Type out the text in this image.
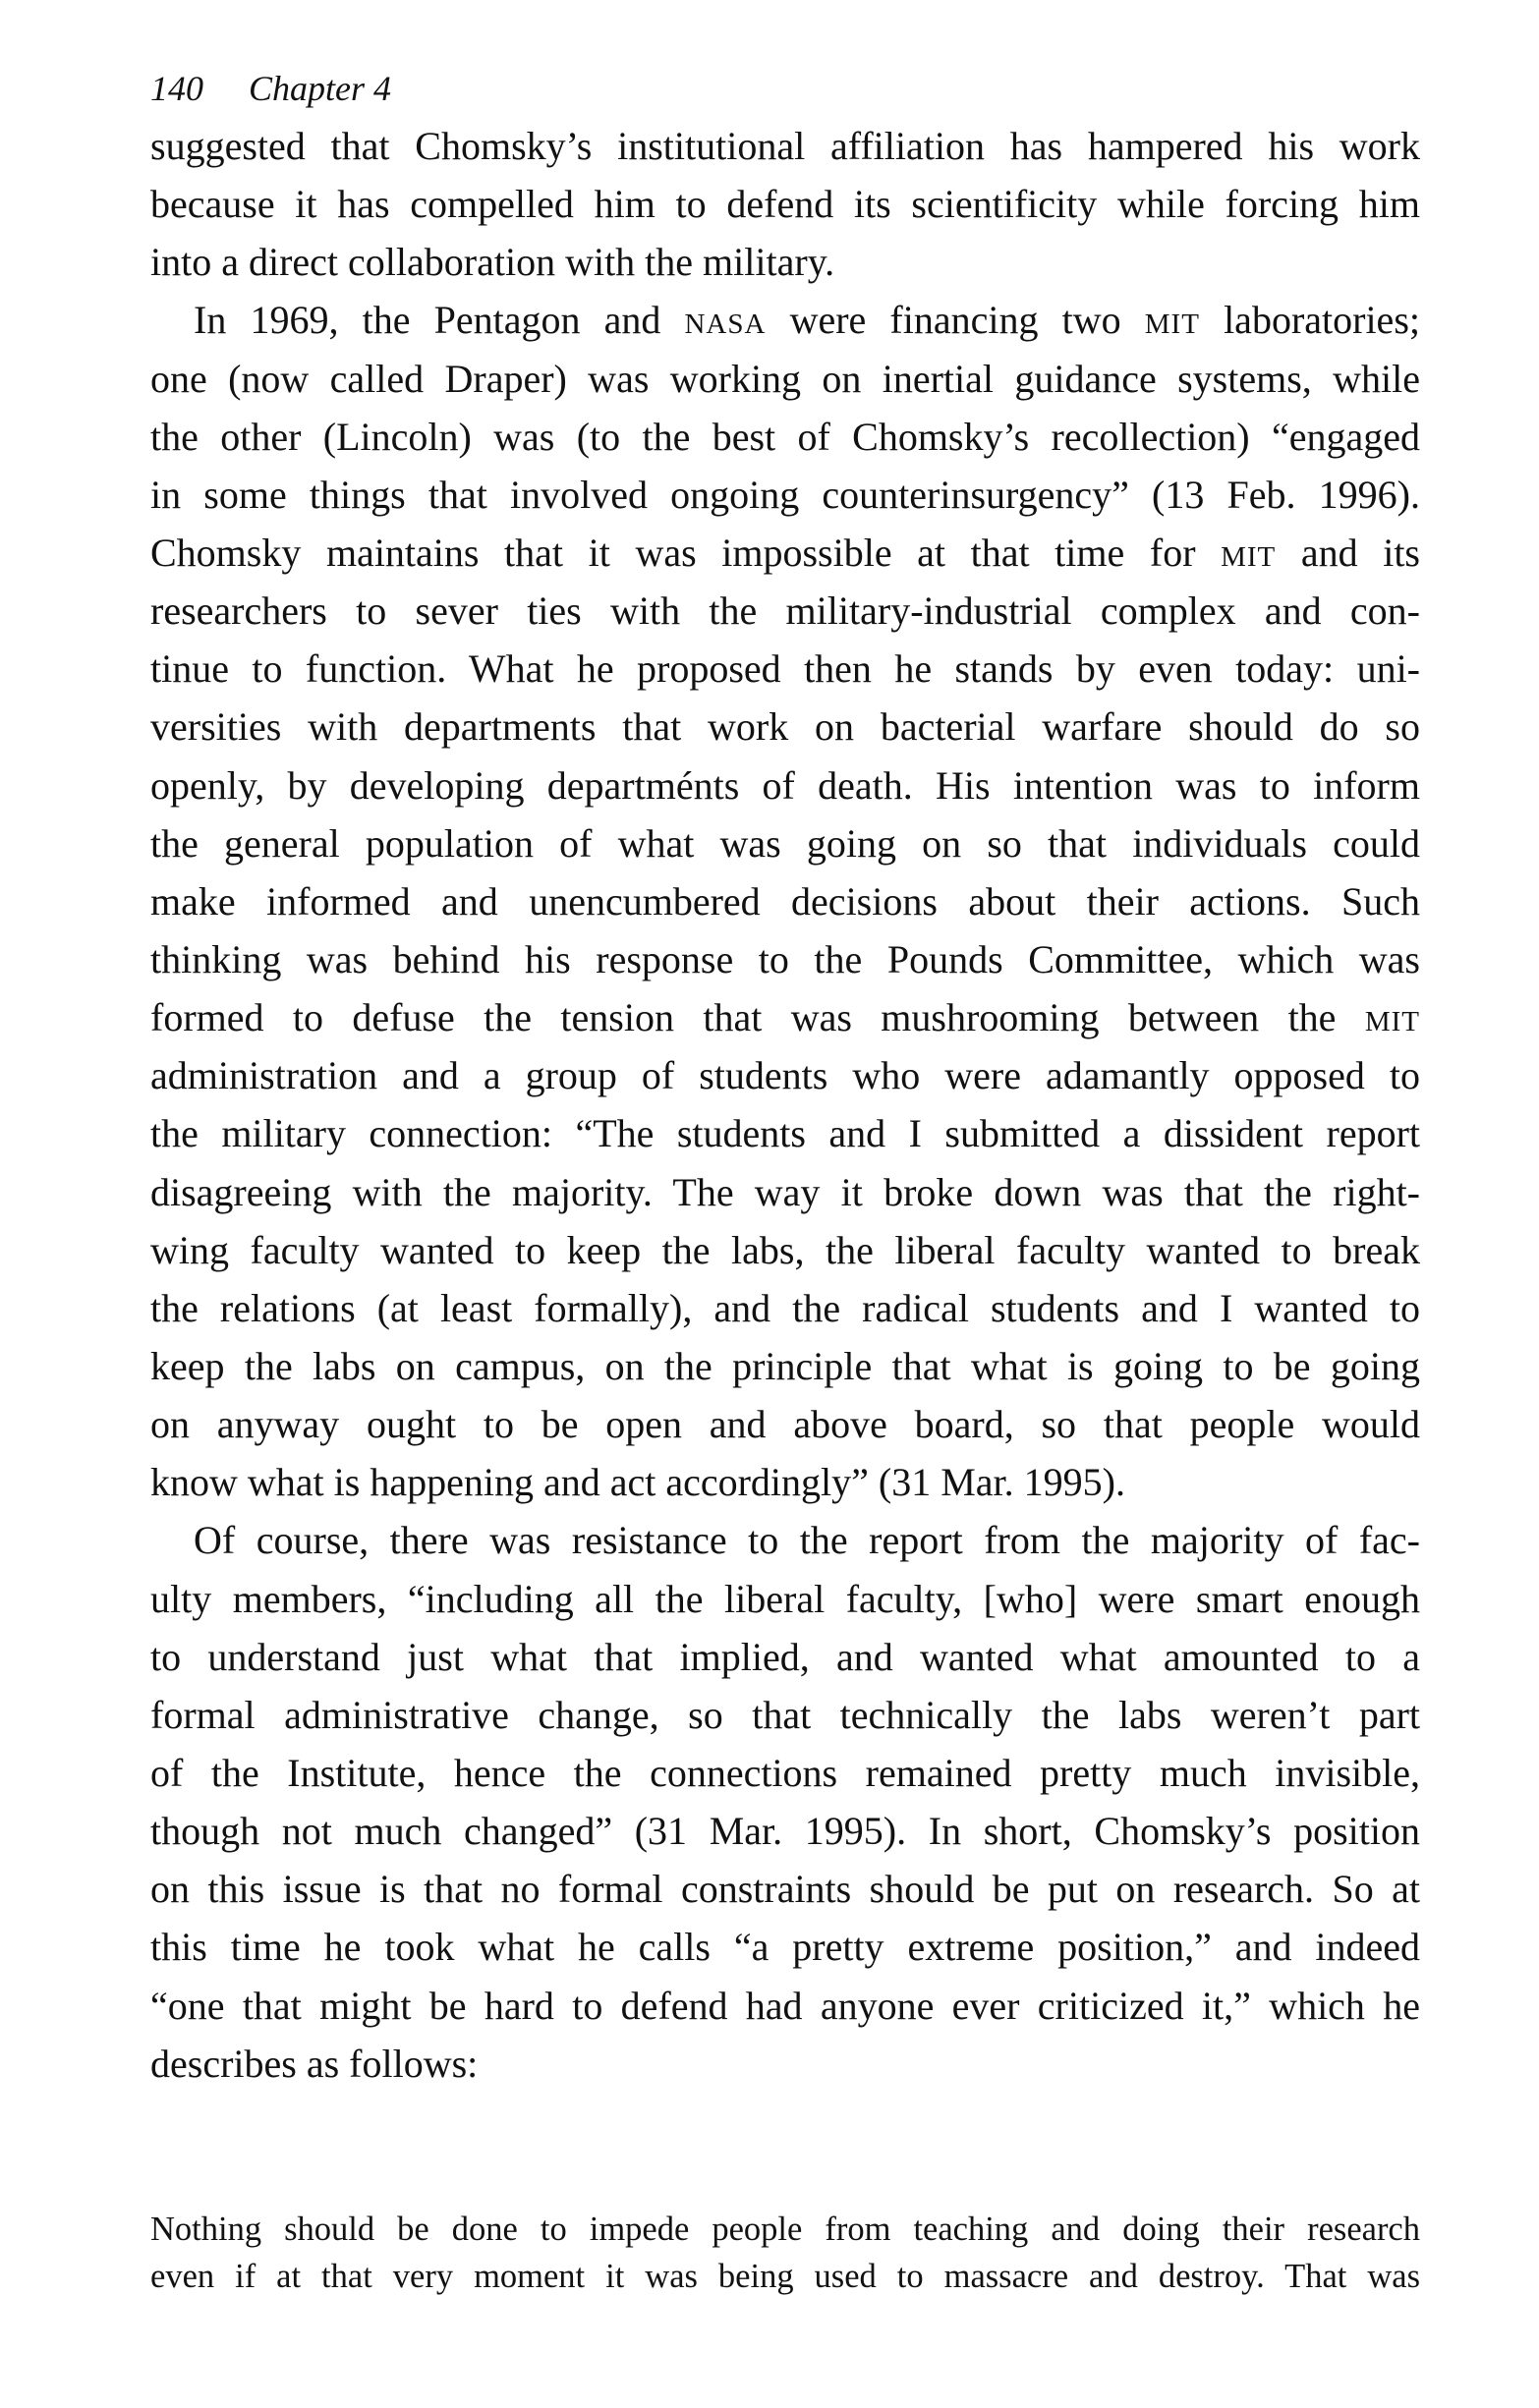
140 Chapter 4
suggested that Chomsky’s institutional affiliation has hampered his work
because it has compelled him to defend its scientificity while forcing him
into a direct collaboration with the military.
In 1969, the Pentagon and NASA were financing two MIT laboratories;
one (now called Draper) was working on inertial guidance systems, while
the other (Lincoln) was (to the best of Chomsky’s recollection) “engaged
in some things that involved ongoing counterinsurgency” (13 Feb. 1996).
Chomsky maintains that it was impossible at that time for MIT and its
researchers to sever ties with the military-industrial complex and con-
tinue to function. What he proposed then he stands by even today: uni-
versities with departments that work on bacterial warfare should do so
openly, by developing departménts of death. His intention was to inform
the general population of what was going on so that individuals could
make informed and unencumbered decisions about their actions. Such
thinking was behind his response to the Pounds Committee, which was
formed to defuse the tension that was mushrooming between the MIT
administration and a group of students who were adamantly opposed to
the military connection: “The students and I submitted a dissident report
disagreeing with the majority. The way it broke down was that the right-
wing faculty wanted to keep the labs, the liberal faculty wanted to break
the relations (at least formally), and the radical students and I wanted to
keep the labs on campus, on the principle that what is going to be going
on anyway ought to be open and above board, so that people would
know what is happening and act accordingly” (31 Mar. 1995).
Of course, there was resistance to the report from the majority of fac-
ulty members, “including all the liberal faculty, [who] were smart enough
to understand just what that implied, and wanted what amounted to a
formal administrative change, so that technically the labs weren’t part
of the Institute, hence the connections remained pretty much invisible,
though not much changed” (31 Mar. 1995). In short, Chomsky’s position
on this issue is that no formal constraints should be put on research. So at
this time he took what he calls “a pretty extreme position,” and indeed
“one that might be hard to defend had anyone ever criticized it,” which he
describes as follows:
Nothing should be done to impede people from teaching and doing their research
even if at that very moment it was being used to massacre and destroy. That was
